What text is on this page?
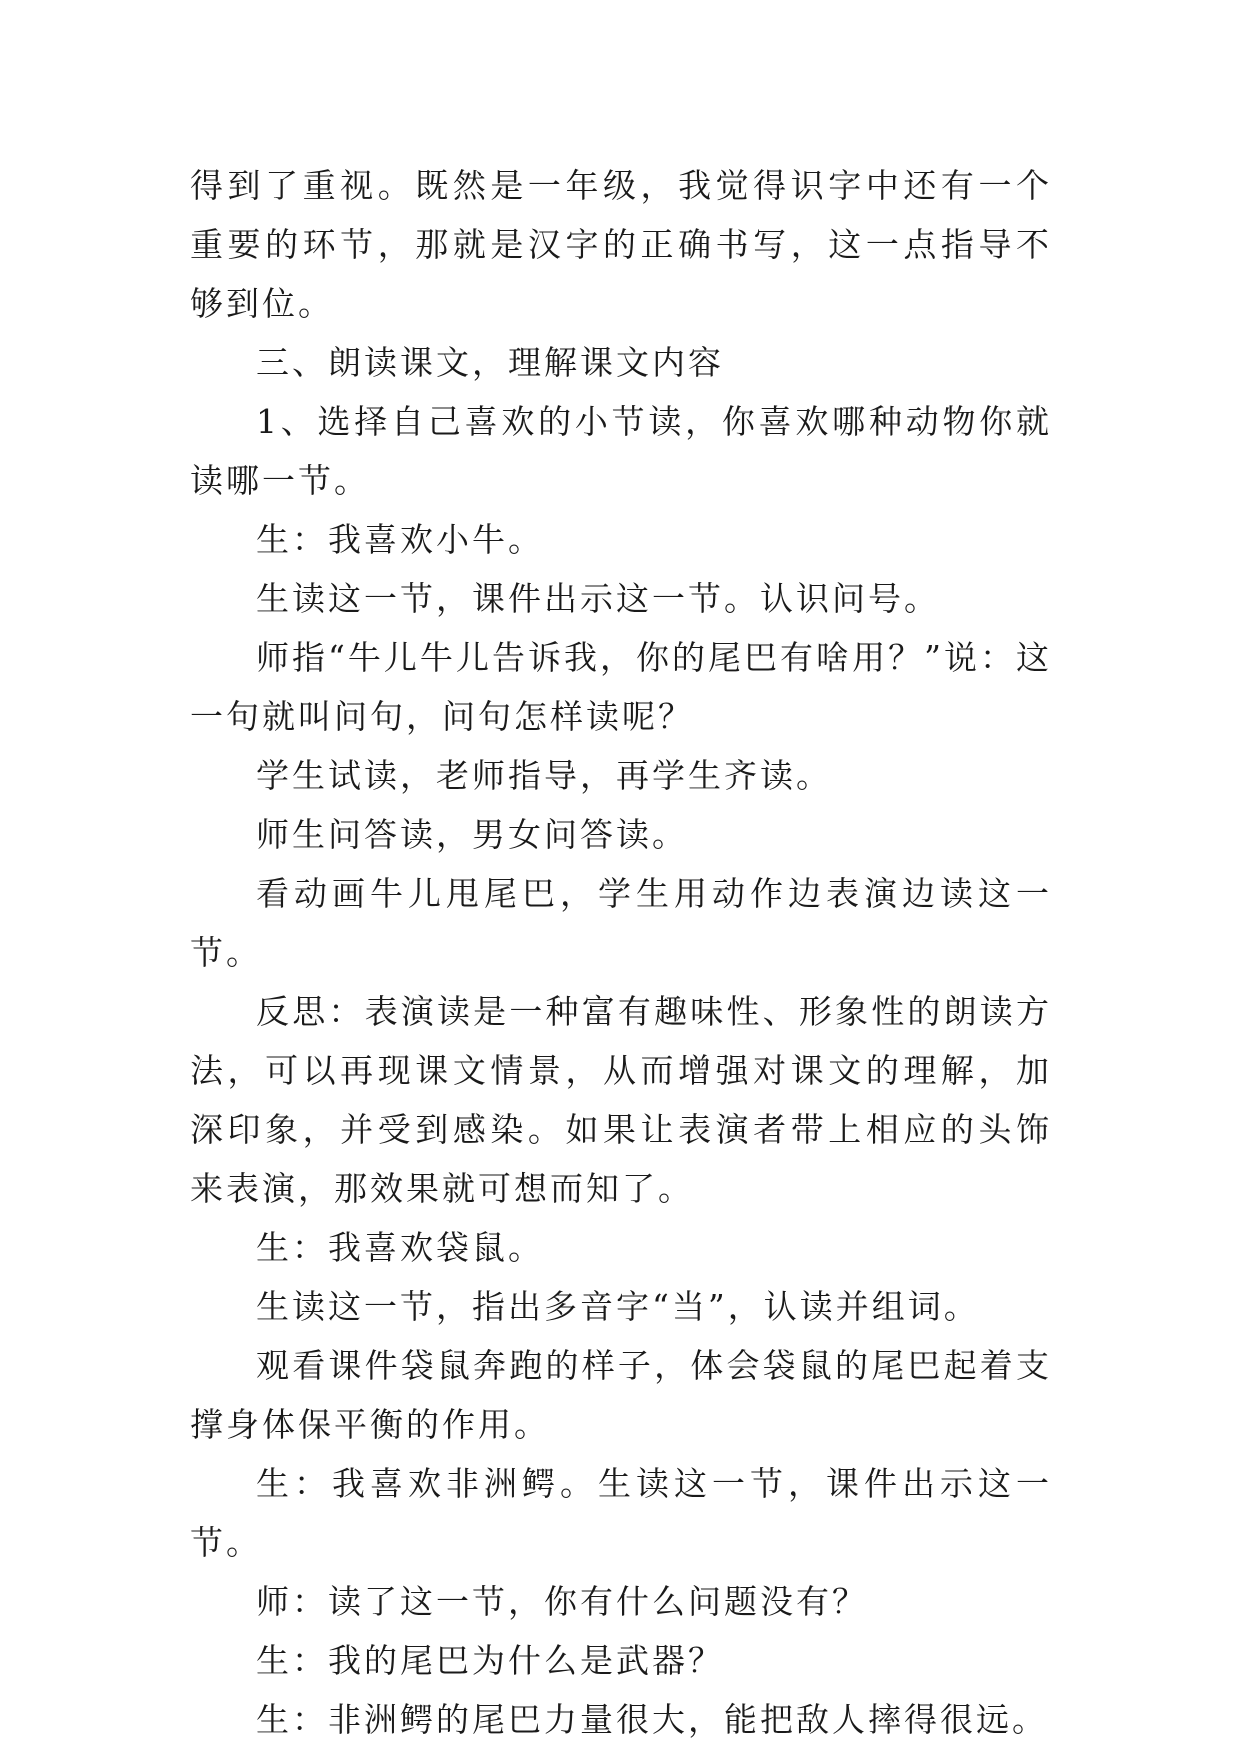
得到了重视。既然是一年级，我觉得识字中还有一个重要的环节，那就是汉字的正确书写，这一点指导不够到位。

三、朗读课文，理解课文内容

1、选择自己喜欢的小节读，你喜欢哪种动物你就读哪一节。

生：我喜欢小牛。

生读这一节，课件出示这一节。认识问号。

师指“牛儿牛儿告诉我，你的尾巴有啥用？”说：这一句就叫问句，问句怎样读呢？

学生试读，老师指导，再学生齐读。

师生问答读，男女问答读。

看动画牛儿甩尾巴，学生用动作边表演边读这一节。

反思：表演读是一种富有趣味性、形象性的朗读方法，可以再现课文情景，从而增强对课文的理解，加深印象，并受到感染。如果让表演者带上相应的头饰来表演，那效果就可想而知了。

生：我喜欢袋鼠。

生读这一节，指出多音字“当”，认读并组词。

观看课件袋鼠奔跑的样子，体会袋鼠的尾巴起着支撑身体保平衡的作用。

生：我喜欢非洲鳄。生读这一节，课件出示这一节。

师：读了这一节，你有什么问题没有？

生：我的尾巴为什么是武器？

生：非洲鳄的尾巴力量很大，能把敌人摔得很远。
